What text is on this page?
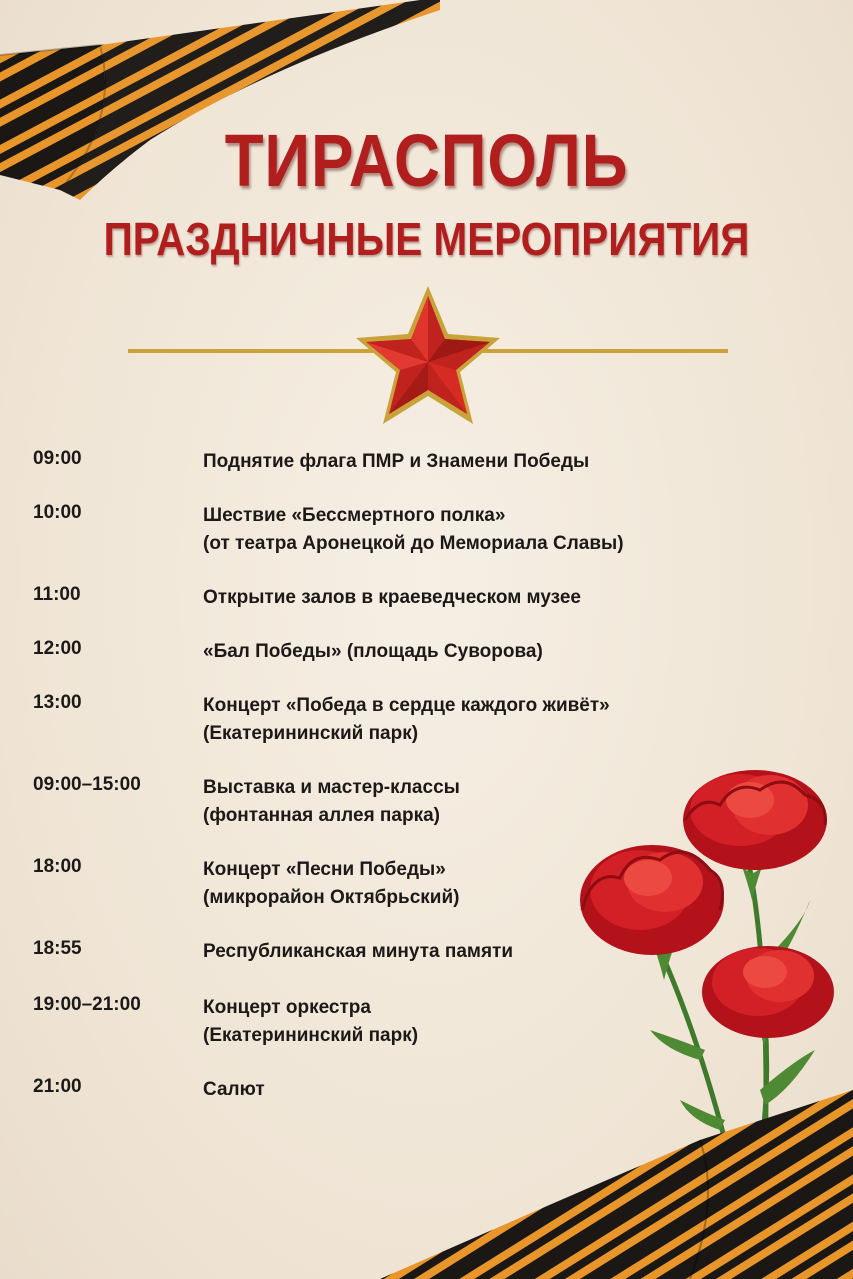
ТИРАСПОЛЬ
ПРАЗДНИЧНЫЕ МЕРОПРИЯТИЯ
09:00	Поднятие флага ПМР и Знамени Победы
10:00	Шествие «Бессмертного полка»
(от театра Аронецкой до Мемориала Славы)
11:00	Открытие залов в краеведческом музее
12:00	«Бал Победы» (площадь Суворова)
13:00	Концерт «Победа в сердце каждого живёт»
(Екатерининский парк)
09:00–15:00	Выставка и мастер-классы
(фонтанная аллея парка)
18:00	Концерт «Песни Победы»
(микрорайон Октябрьский)
18:55	Республиканская минута памяти
19:00–21:00	Концерт оркестра
(Екатерининский парк)
21:00	Салют
